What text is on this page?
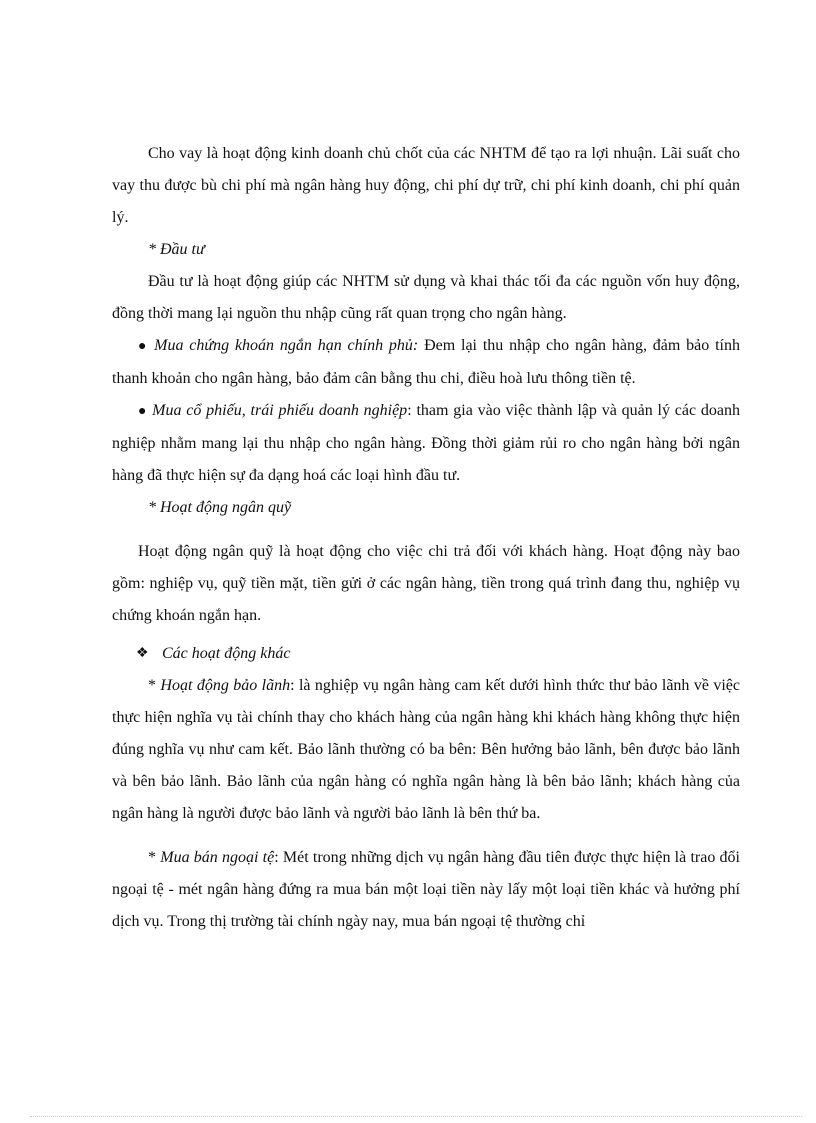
Cho vay là hoạt động kinh doanh chủ chốt của các NHTM để tạo ra lợi nhuận. Lãi suất cho vay thu được bù chi phí mà ngân hàng huy động, chi phí dự trữ, chi phí kinh doanh, chi phí quản lý.

* Đầu tư

Đầu tư là hoạt động giúp các NHTM sử dụng và khai thác tối đa các nguồn vốn huy động, đồng thời mang lại nguồn thu nhập cũng rất quan trọng cho ngân hàng.

● Mua chứng khoán ngắn hạn chính phủ: Đem lại thu nhập cho ngân hàng, đảm bảo tính thanh khoản cho ngân hàng, bảo đảm cân bằng thu chi, điều hoà lưu thông tiền tệ.

● Mua cổ phiếu, trái phiếu doanh nghiệp: tham gia vào việc thành lập và quản lý các doanh nghiệp nhằm mang lại thu nhập cho ngân hàng. Đồng thời giảm rủi ro cho ngân hàng bởi ngân hàng đã thực hiện sự đa dạng hoá các loại hình đầu tư.

* Hoạt động ngân quỹ

Hoạt động ngân quỹ là hoạt động cho việc chi trả đối với khách hàng. Hoạt động này bao gồm: nghiệp vụ, quỹ tiền mặt, tiền gửi ở các ngân hàng, tiền trong quá trình đang thu, nghiệp vụ chứng khoán ngắn hạn.

❖ Các hoạt động khác

* Hoạt động bảo lãnh: là nghiệp vụ ngân hàng cam kết dưới hình thức thư bảo lãnh về việc thực hiện nghĩa vụ tài chính thay cho khách hàng của ngân hàng khi khách hàng không thực hiện đúng nghĩa vụ như cam kết. Bảo lãnh thường có ba bên: Bên hưởng bảo lãnh, bên được bảo lãnh và bên bảo lãnh. Bảo lãnh của ngân hàng có nghĩa ngân hàng là bên bảo lãnh; khách hàng của ngân hàng là người được bảo lãnh và người bảo lãnh là bên thứ ba.

* Mua bán ngoại tệ: Mét trong những dịch vụ ngân hàng đầu tiên được thực hiện là trao đổi ngoại tệ - mét ngân hàng đứng ra mua bán một loại tiền này lấy một loại tiền khác và hưởng phí dịch vụ. Trong thị trường tài chính ngày nay, mua bán ngoại tệ thường chỉ
